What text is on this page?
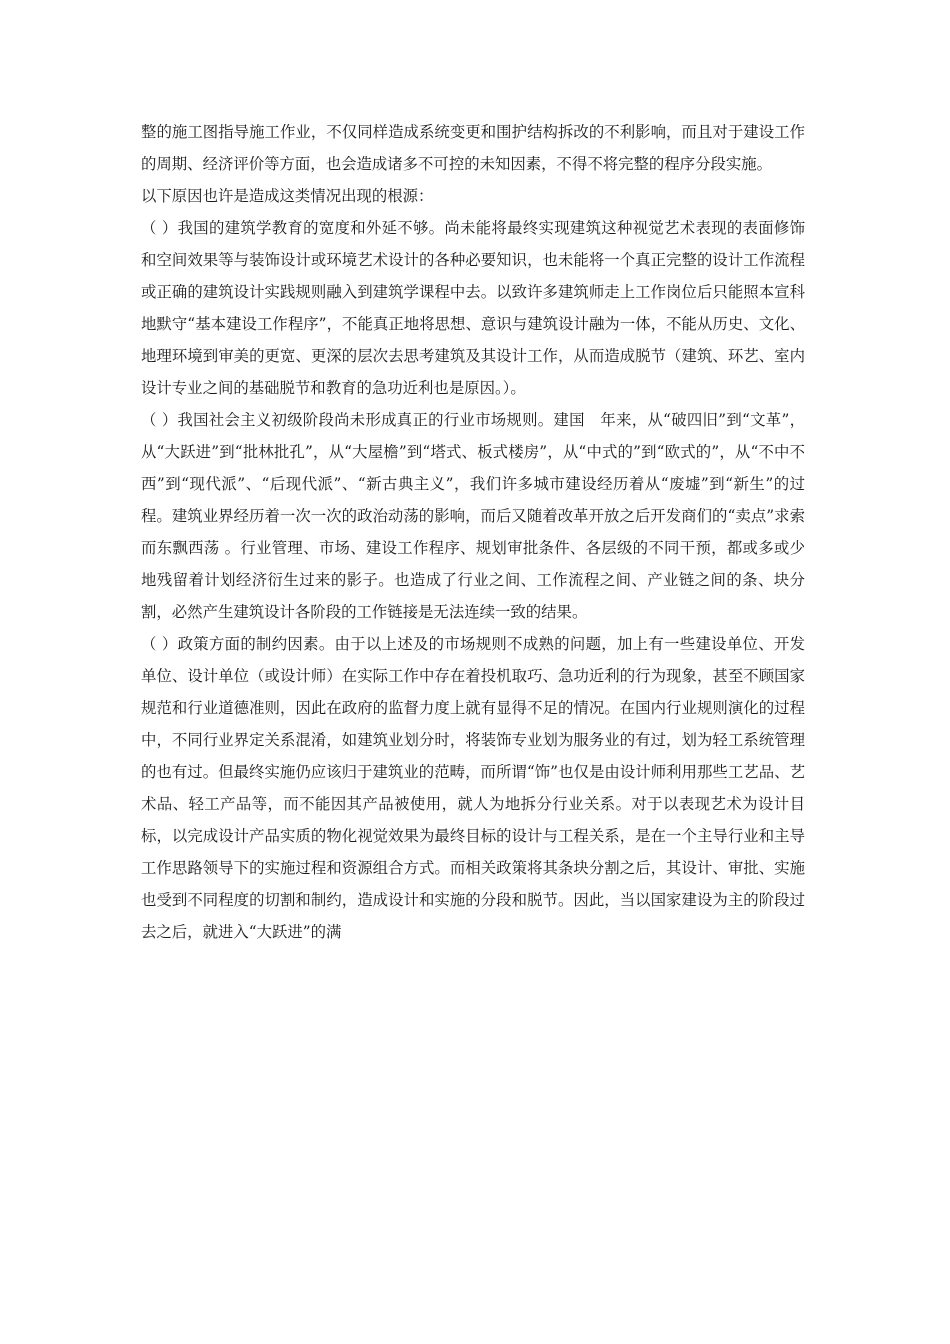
整的施工图指导施工作业，不仅同样造成系统变更和围护结构拆改的不利影响，而且对于建设工作的周期、经济评价等方面，也会造成诸多不可控的未知因素，不得不将完整的程序分段实施。

以下原因也许是造成这类情况出现的根源：

（ ）我国的建筑学教育的宽度和外延不够。尚未能将最终实现建筑这种视觉艺术表现的表面修饰和空间效果等与装饰设计或环境艺术设计的各种必要知识，也未能将一个真正完整的设计工作流程或正确的建筑设计实践规则融入到建筑学课程中去。以致许多建筑师走上工作岗位后只能照本宣科地默守“基本建设工作程序”，不能真正地将思想、意识与建筑设计融为一体，不能从历史、文化、地理环境到审美的更宽、更深的层次去思考建筑及其设计工作，从而造成脱节（建筑、环艺、室内设计专业之间的基础脱节和教育的急功近利也是原因。）。

（ ）我国社会主义初级阶段尚未形成真正的行业市场规则。建国　年来，从“破四旧”到“文革”，从“大跃进”到“批林批孔”，从“大屋檐”到“塔式、板式楼房”，从“中式的”到“欧式的”，从“不中不西”到“现代派”、“后现代派”、“新古典主义”，我们许多城市建设经历着从“废墟”到“新生”的过程。建筑业界经历着一次一次的政治动荡的影响，而后又随着改革开放之后开发商们的“卖点”求索而东飘西荡 。行业管理、市场、建设工作程序、规划审批条件、各层级的不同干预，都或多或少地残留着计划经济衍生过来的影子。也造成了行业之间、工作流程之间、产业链之间的条、块分割，必然产生建筑设计各阶段的工作链接是无法连续一致的结果。

（ ）政策方面的制约因素。由于以上述及的市场规则不成熟的问题，加上有一些建设单位、开发单位、设计单位（或设计师）在实际工作中存在着投机取巧、急功近利的行为现象，甚至不顾国家规范和行业道德准则，因此在政府的监督力度上就有显得不足的情况。在国内行业规则演化的过程中，不同行业界定关系混淆，如建筑业划分时，将装饰专业划为服务业的有过，划为轻工系统管理的也有过。但最终实施仍应该归于建筑业的范畴，而所谓“饰”也仅是由设计师利用那些工艺品、艺术品、轻工产品等，而不能因其产品被使用，就人为地拆分行业关系。对于以表现艺术为设计目标，以完成设计产品实质的物化视觉效果为最终目标的设计与工程关系，是在一个主导行业和主导工作思路领导下的实施过程和资源组合方式。而相关政策将其条块分割之后，其设计、审批、实施也受到不同程度的切割和制约，造成设计和实施的分段和脱节。因此，当以国家建设为主的阶段过去之后，就进入“大跃进”的满
